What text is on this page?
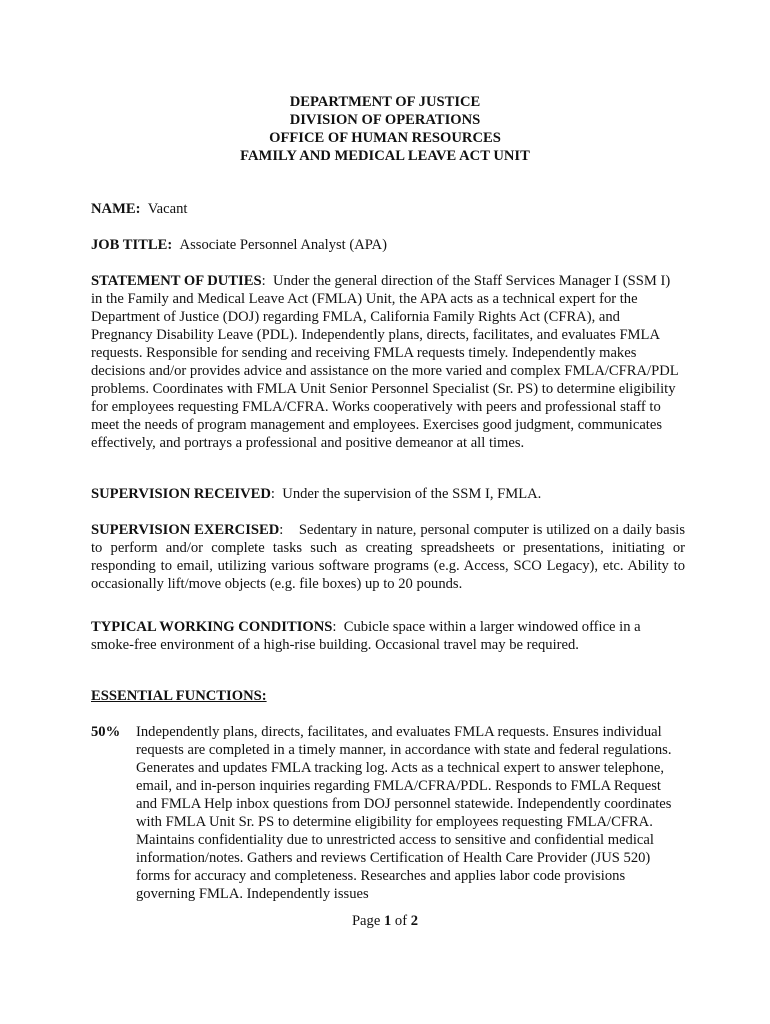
DEPARTMENT OF JUSTICE
DIVISION OF OPERATIONS
OFFICE OF HUMAN RESOURCES
FAMILY AND MEDICAL LEAVE ACT UNIT
NAME: Vacant
JOB TITLE: Associate Personnel Analyst (APA)
STATEMENT OF DUTIES:  Under the general direction of the Staff Services Manager I (SSM I) in the Family and Medical Leave Act (FMLA) Unit, the APA acts as a technical expert for the Department of Justice (DOJ) regarding FMLA, California Family Rights Act (CFRA), and Pregnancy Disability Leave (PDL). Independently plans, directs, facilitates, and evaluates FMLA requests. Responsible for sending and receiving FMLA requests timely. Independently makes decisions and/or provides advice and assistance on the more varied and complex FMLA/CFRA/PDL problems. Coordinates with FMLA Unit Senior Personnel Specialist (Sr. PS) to determine eligibility for employees requesting FMLA/CFRA. Works cooperatively with peers and professional staff to meet the needs of program management and employees. Exercises good judgment, communicates effectively, and portrays a professional and positive demeanor at all times.
SUPERVISION RECEIVED:  Under the supervision of the SSM I, FMLA.
SUPERVISION EXERCISED:    Sedentary in nature, personal computer is utilized on a daily basis to perform and/or complete tasks such as creating spreadsheets or presentations, initiating or responding to email, utilizing various software programs (e.g. Access, SCO Legacy), etc. Ability to occasionally lift/move objects (e.g. file boxes) up to 20 pounds.
TYPICAL WORKING CONDITIONS:  Cubicle space within a larger windowed office in a smoke-free environment of a high-rise building. Occasional travel may be required.
ESSENTIAL FUNCTIONS:
50% Independently plans, directs, facilitates, and evaluates FMLA requests. Ensures individual requests are completed in a timely manner, in accordance with state and federal regulations. Generates and updates FMLA tracking log. Acts as a technical expert to answer telephone, email, and in-person inquiries regarding FMLA/CFRA/PDL. Responds to FMLA Request and FMLA Help inbox questions from DOJ personnel statewide. Independently coordinates with FMLA Unit Sr. PS to determine eligibility for employees requesting FMLA/CFRA. Maintains confidentiality due to unrestricted access to sensitive and confidential medical information/notes. Gathers and reviews Certification of Health Care Provider (JUS 520) forms for accuracy and completeness. Researches and applies labor code provisions governing FMLA. Independently issues
Page 1 of 2
